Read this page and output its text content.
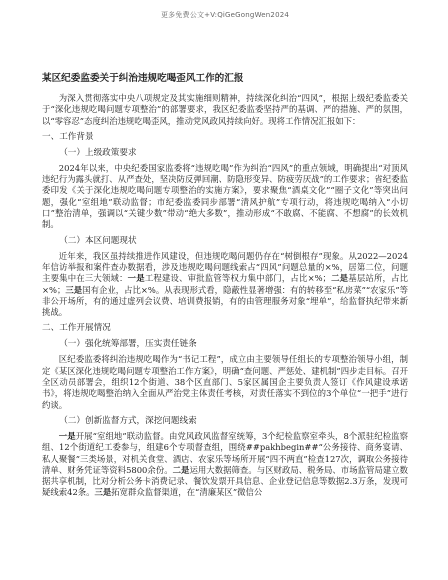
更多免费公文+V:QiGeGongWen2024
某区纪委监委关于纠治违规吃喝歪风工作的汇报

为深入贯彻落实中央八项规定及其实施细则精神，持续深化纠治“四风”，根据上级纪委监委关于“深化违规吃喝问题专项整治”的部署要求，我区纪委监委坚持严的基调、严的措施、严的氛围，以“零容忍”态度纠治违规吃喝歪风，推动党风政风持续向好。现将工作情况汇报如下：

一、工作背景
（一）上级政策要求

2024年以来，中央纪委国家监委将“违规吃喝”作为纠治“四风”的重点领域，明确提出“对顶风违纪行为露头就打、从严查处，坚决防反弹回潮、防隐形变异、防疲劳厌战”的工作要求；省纪委监委印发《关于深化违规吃喝问题专项整治的实施方案》，要求聚焦“酒桌文化”“圈子文化”等突出问题，强化“室组地”联动监督；市纪委监委同步部署“清风护航”专项行动，将违规吃喝纳入“小切口”整治清单，强调以“关键少数”带动“绝大多数”，推动形成“不敢腐、不能腐、不想腐”的长效机制。

（二）本区问题现状

近年来，我区虽持续推进作风建设，但违规吃喝问题仍存在“树倒根存”现象。从2022—2024年信访举报和案件查办数据看，涉及违规吃喝问题线索占“四风”问题总量的×%，居第二位，问题主要集中在三大领域：一是工程建设、审批监管等权力集中部门，占比×%；二是基层站所，占比×%；三是国有企业，占比×%。从表现形式看，隐蔽性显著增强：有的转移至“私房菜”“农家乐”等非公开场所，有的通过虚列会议费、培训费报销，有的由管理服务对象“埋单”，给监督执纪带来新挑战。

二、工作开展情况
（一）强化统筹部署，压实责任链条

区纪委监委将纠治违规吃喝作为“书记工程”，成立由主要领导任组长的专项整治领导小组，制定《某区深化违规吃喝问题专项整治工作方案》，明确“查问题、严惩处、建机制”四步走目标。召开全区动员部署会，组织12个街道、38个区直部门、5家区属国企主要负责人签订《作风建设承诺书》，将违规吃喝整治纳入全面从严治党主体责任考核，对责任落实不到位的3个单位“一把手”进行约谈。

（二）创新监督方式，深挖问题线索

一是开展“室组地”联动监督。由党风政风监督室统筹，3个纪检监察室牵头，8个派驻纪检监察组、12个街道纪工委参与，组建6个专项督查组，围绕##pakhbegin##“公务接待、商务宴请、私人聚餐”三类场景，对机关食堂、酒店、农家乐等场所开展“四不两直”检查127次，调取公务接待清单、财务凭证等资料5800余份。二是运用大数据筛查。与区财政局、税务局、市场监管局建立数据共享机制，比对分析公务卡消费记录、餐饮发票开具信息、企业登记信息等数据2.3万条，发现可疑线索42条。三是拓宽群众监督渠道，在“清廉某区”微信公
